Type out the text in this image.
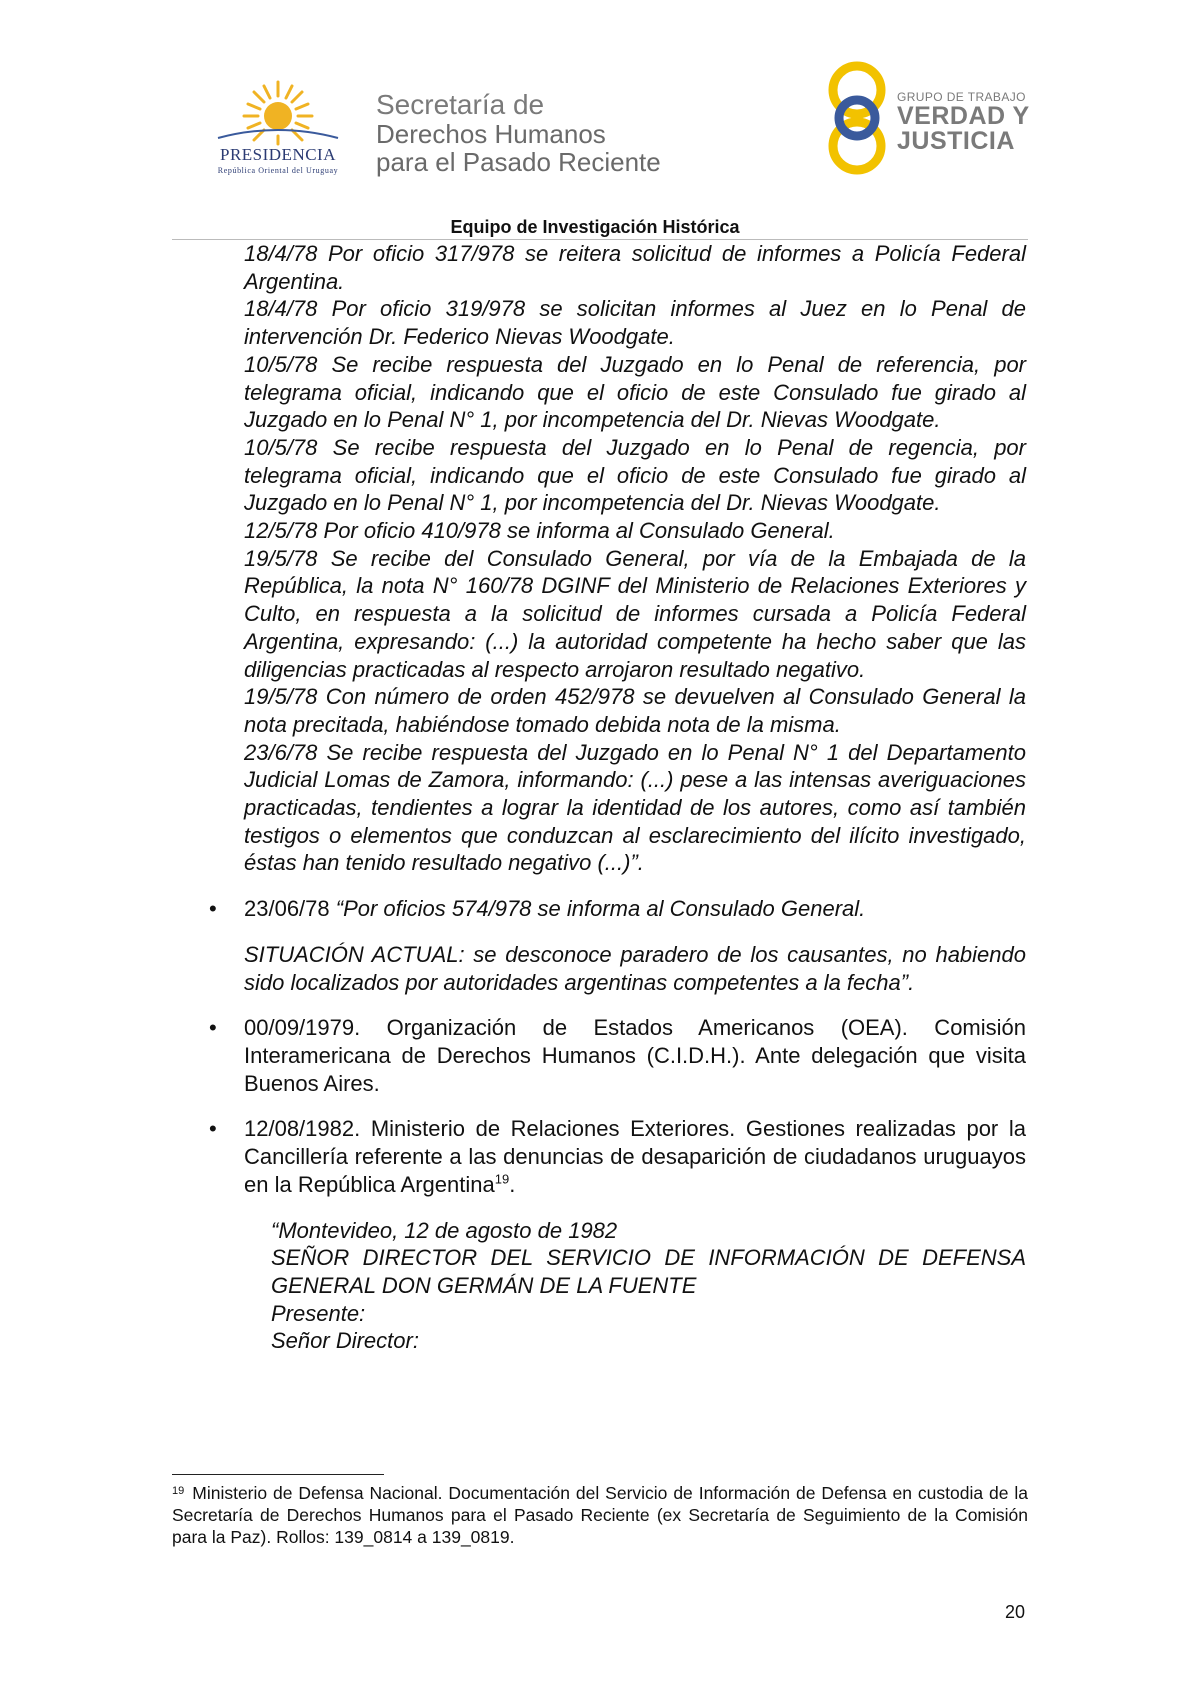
PRESIDENCIA
República Oriental del Uruguay
Secretaría de
Derechos Humanos
para el Pasado Reciente
GRUPO DE TRABAJO
VERDAD Y
JUSTICIA
Equipo de Investigación Histórica

18/4/78 Por oficio 317/978 se reitera solicitud de informes a Policía Federal Argentina.

18/4/78 Por oficio 319/978 se solicitan informes al Juez en lo Penal de intervención Dr. Federico Nievas Woodgate.

10/5/78 Se recibe respuesta del Juzgado en lo Penal de referencia, por telegrama oficial, indicando que el oficio de este Consulado fue girado al Juzgado en lo Penal N° 1, por incompetencia del Dr. Nievas Woodgate.

10/5/78 Se recibe respuesta del Juzgado en lo Penal de regencia, por telegrama oficial, indicando que el oficio de este Consulado fue girado al Juzgado en lo Penal N° 1, por incompetencia del Dr. Nievas Woodgate.

12/5/78 Por oficio 410/978 se informa al Consulado General.

19/5/78 Se recibe del Consulado General, por vía de la Embajada de la República, la nota N° 160/78 DGINF del Ministerio de Relaciones Exteriores y Culto, en respuesta a la solicitud de informes cursada a Policía Federal Argentina, expresando: (...) la autoridad competente ha hecho saber que las diligencias practicadas al respecto arrojaron resultado negativo.

19/5/78 Con número de orden 452/978 se devuelven al Consulado General la nota precitada, habiéndose tomado debida nota de la misma.

23/6/78 Se recibe respuesta del Juzgado en lo Penal N° 1 del Departamento Judicial Lomas de Zamora, informando: (...) pese a las intensas averiguaciones practicadas, tendientes a lograr la identidad de los autores, como así también testigos o elementos que conduzcan al esclarecimiento del ilícito investigado, éstas han tenido resultado negativo (...)”.

• 23/06/78 “Por oficios 574/978 se informa al Consulado General.

SITUACIÓN ACTUAL: se desconoce paradero de los causantes, no habiendo sido localizados por autoridades argentinas competentes a la fecha”.

• 00/09/1979. Organización de Estados Americanos (OEA). Comisión Interamericana de Derechos Humanos (C.I.D.H.). Ante delegación que visita Buenos Aires.

• 12/08/1982. Ministerio de Relaciones Exteriores. Gestiones realizadas por la Cancillería referente a las denuncias de desaparición de ciudadanos uruguayos en la República Argentina$^{19}$.

“Montevideo, 12 de agosto de 1982

SEÑOR DIRECTOR DEL SERVICIO DE INFORMACIÓN DE DEFENSA GENERAL DON GERMÁN DE LA FUENTE

Presente:

Señor Director:

$^{19}$ Ministerio de Defensa Nacional. Documentación del Servicio de Información de Defensa en custodia de la Secretaría de Derechos Humanos para el Pasado Reciente (ex Secretaría de Seguimiento de la Comisión para la Paz). Rollos: 139_0814 a 139_0819.
20
